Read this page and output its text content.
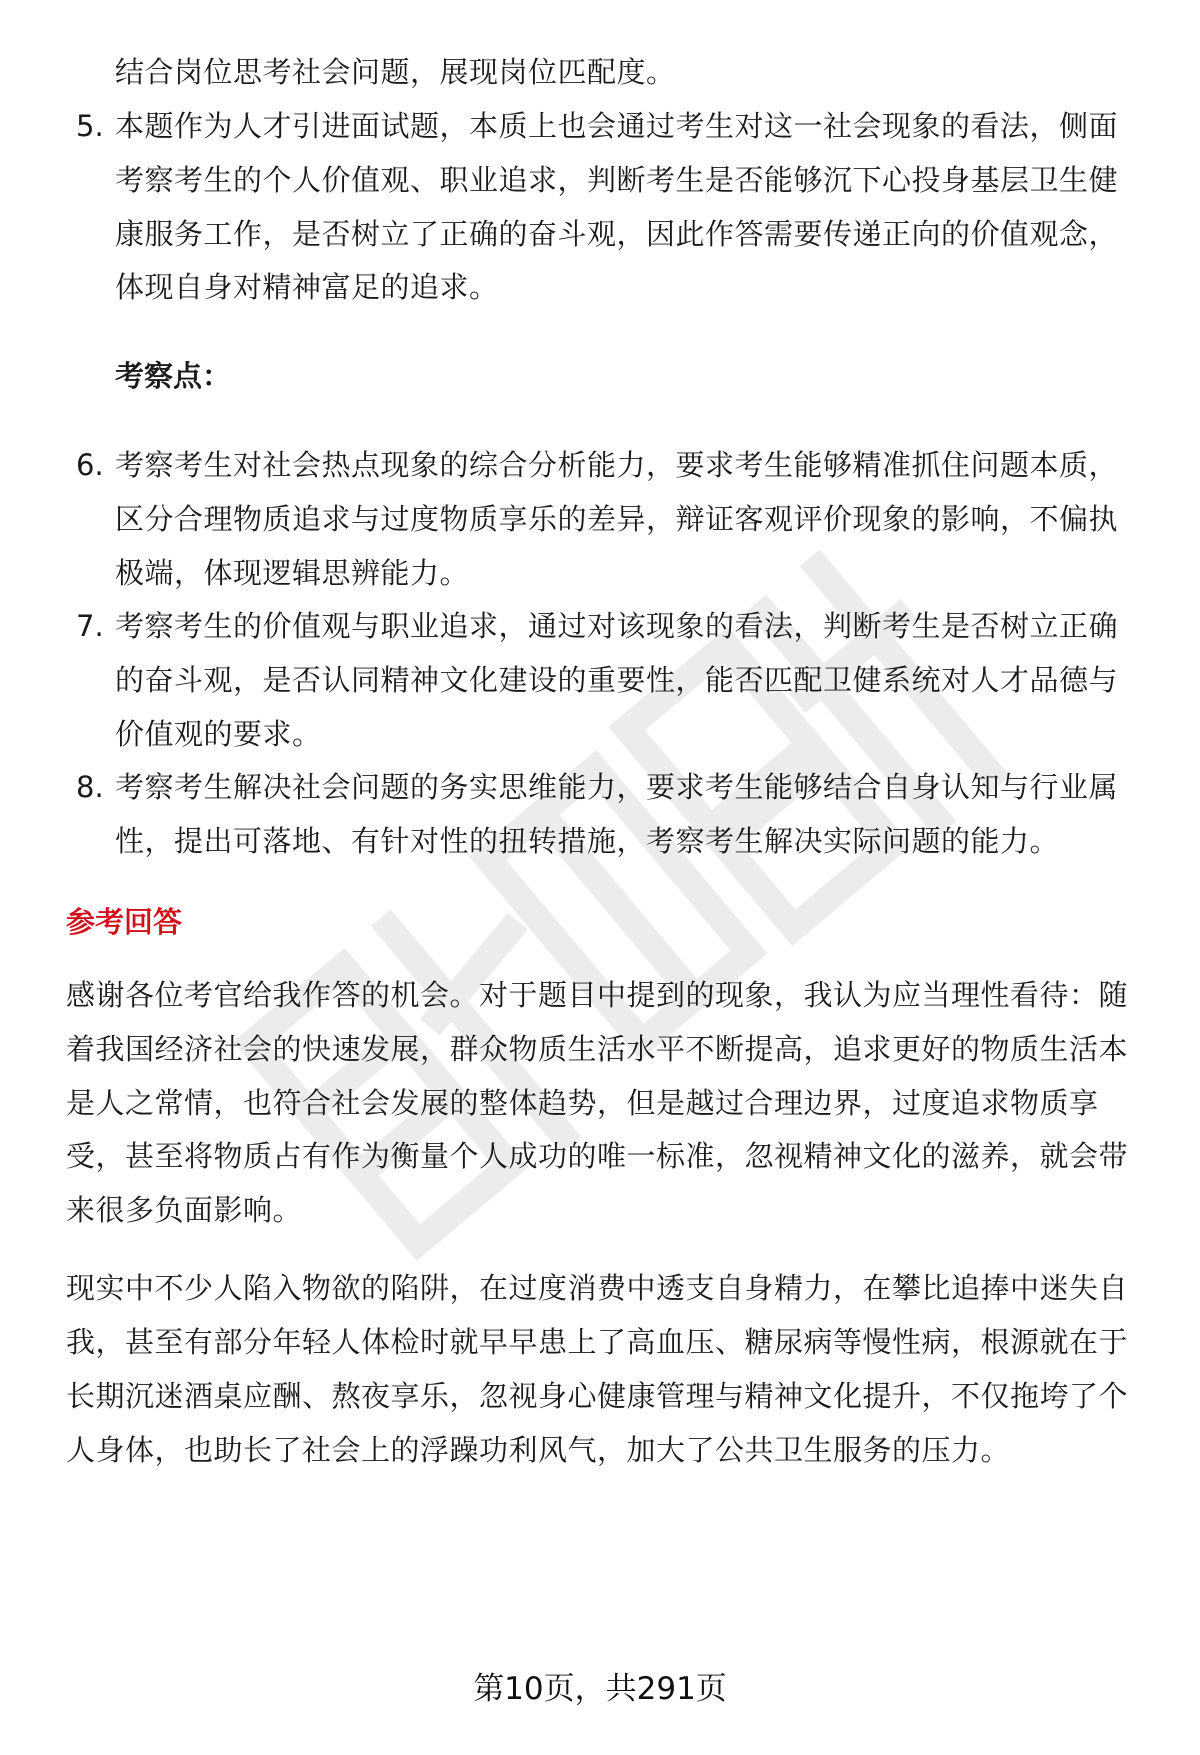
结合岗位思考社会问题，展现岗位匹配度。
5. 本题作为人才引进面试题，本质上也会通过考生对这一社会现象的看法，侧面
考察考生的个人价值观、职业追求，判断考生是否能够沉下心投身基层卫生健
康服务工作，是否树立了正确的奋斗观，因此作答需要传递正向的价值观念，
体现自身对精神富足的追求。
考察点：
6. 考察考生对社会热点现象的综合分析能力，要求考生能够精准抓住问题本质，
区分合理物质追求与过度物质享乐的差异，辩证客观评价现象的影响，不偏执
极端，体现逻辑思辨能力。
7. 考察考生的价值观与职业追求，通过对该现象的看法，判断考生是否树立正确
的奋斗观，是否认同精神文化建设的重要性，能否匹配卫健系统对人才品德与
价值观的要求。
8. 考察考生解决社会问题的务实思维能力，要求考生能够结合自身认知与行业属
性，提出可落地、有针对性的扭转措施，考察考生解决实际问题的能力。
参考回答
感谢各位考官给我作答的机会。对于题目中提到的现象，我认为应当理性看待：随
着我国经济社会的快速发展，群众物质生活水平不断提高，追求更好的物质生活本
是人之常情，也符合社会发展的整体趋势，但是越过合理边界，过度追求物质享
受，甚至将物质占有作为衡量个人成功的唯一标准，忽视精神文化的滋养，就会带
来很多负面影响。
现实中不少人陷入物欲的陷阱，在过度消费中透支自身精力，在攀比追捧中迷失自
我，甚至有部分年轻人体检时就早早患上了高血压、糖尿病等慢性病，根源就在于
长期沉迷酒桌应酬、熬夜享乐，忽视身心健康管理与精神文化提升，不仅拖垮了个
人身体，也助长了社会上的浮躁功利风气，加大了公共卫生服务的压力。
第10页，共291页
